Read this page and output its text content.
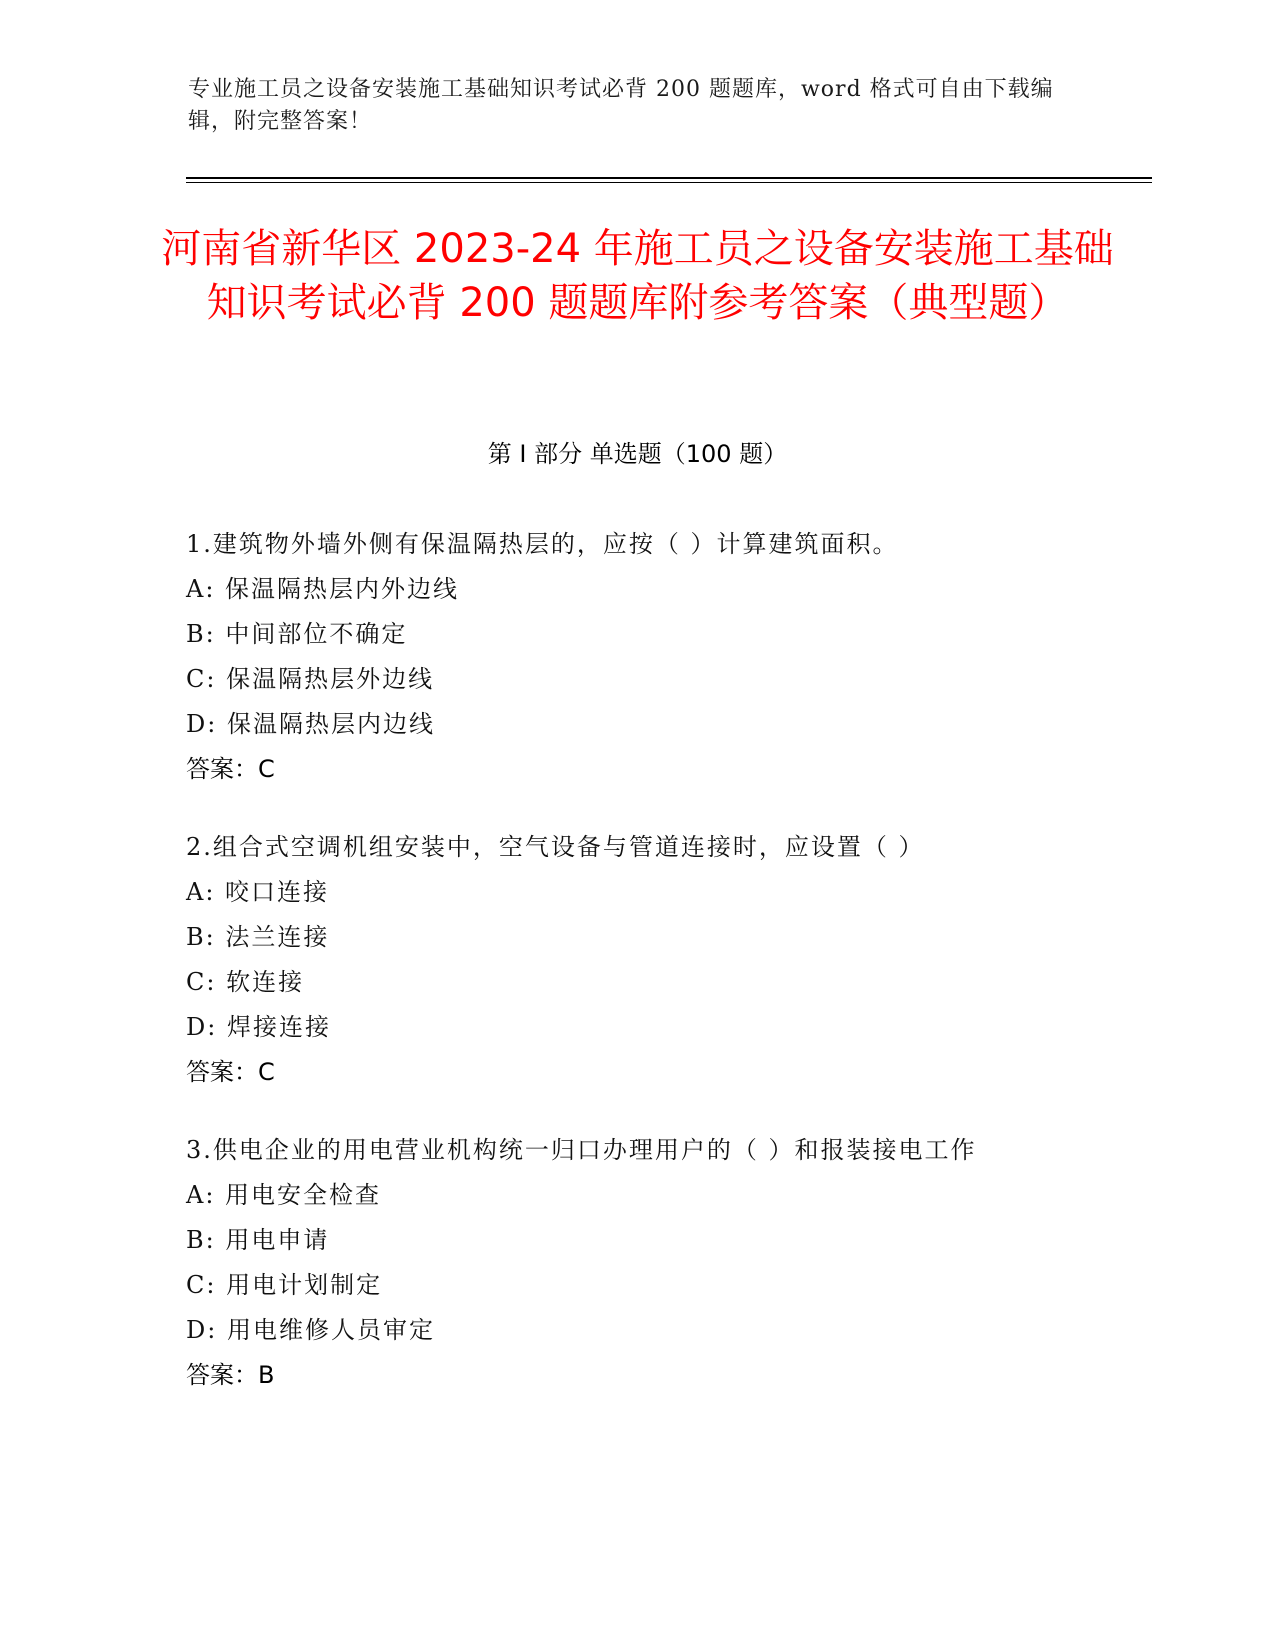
专业施工员之设备安装施工基础知识考试必背 200 题题库，word 格式可自由下载编辑，附完整答案！
河南省新华区 2023-24 年施工员之设备安装施工基础知识考试必背 200 题题库附参考答案（典型题）
第 I 部分 单选题（100 题）
1.建筑物外墙外侧有保温隔热层的，应按（ ）计算建筑面积。
A: 保温隔热层内外边线
B: 中间部位不确定
C: 保温隔热层外边线
D: 保温隔热层内边线
答案：C
2.组合式空调机组安装中，空气设备与管道连接时，应设置（ ）
A: 咬口连接
B: 法兰连接
C: 软连接
D: 焊接连接
答案：C
3.供电企业的用电营业机构统一归口办理用户的（ ）和报装接电工作
A: 用电安全检查
B: 用电申请
C: 用电计划制定
D: 用电维修人员审定
答案：B
